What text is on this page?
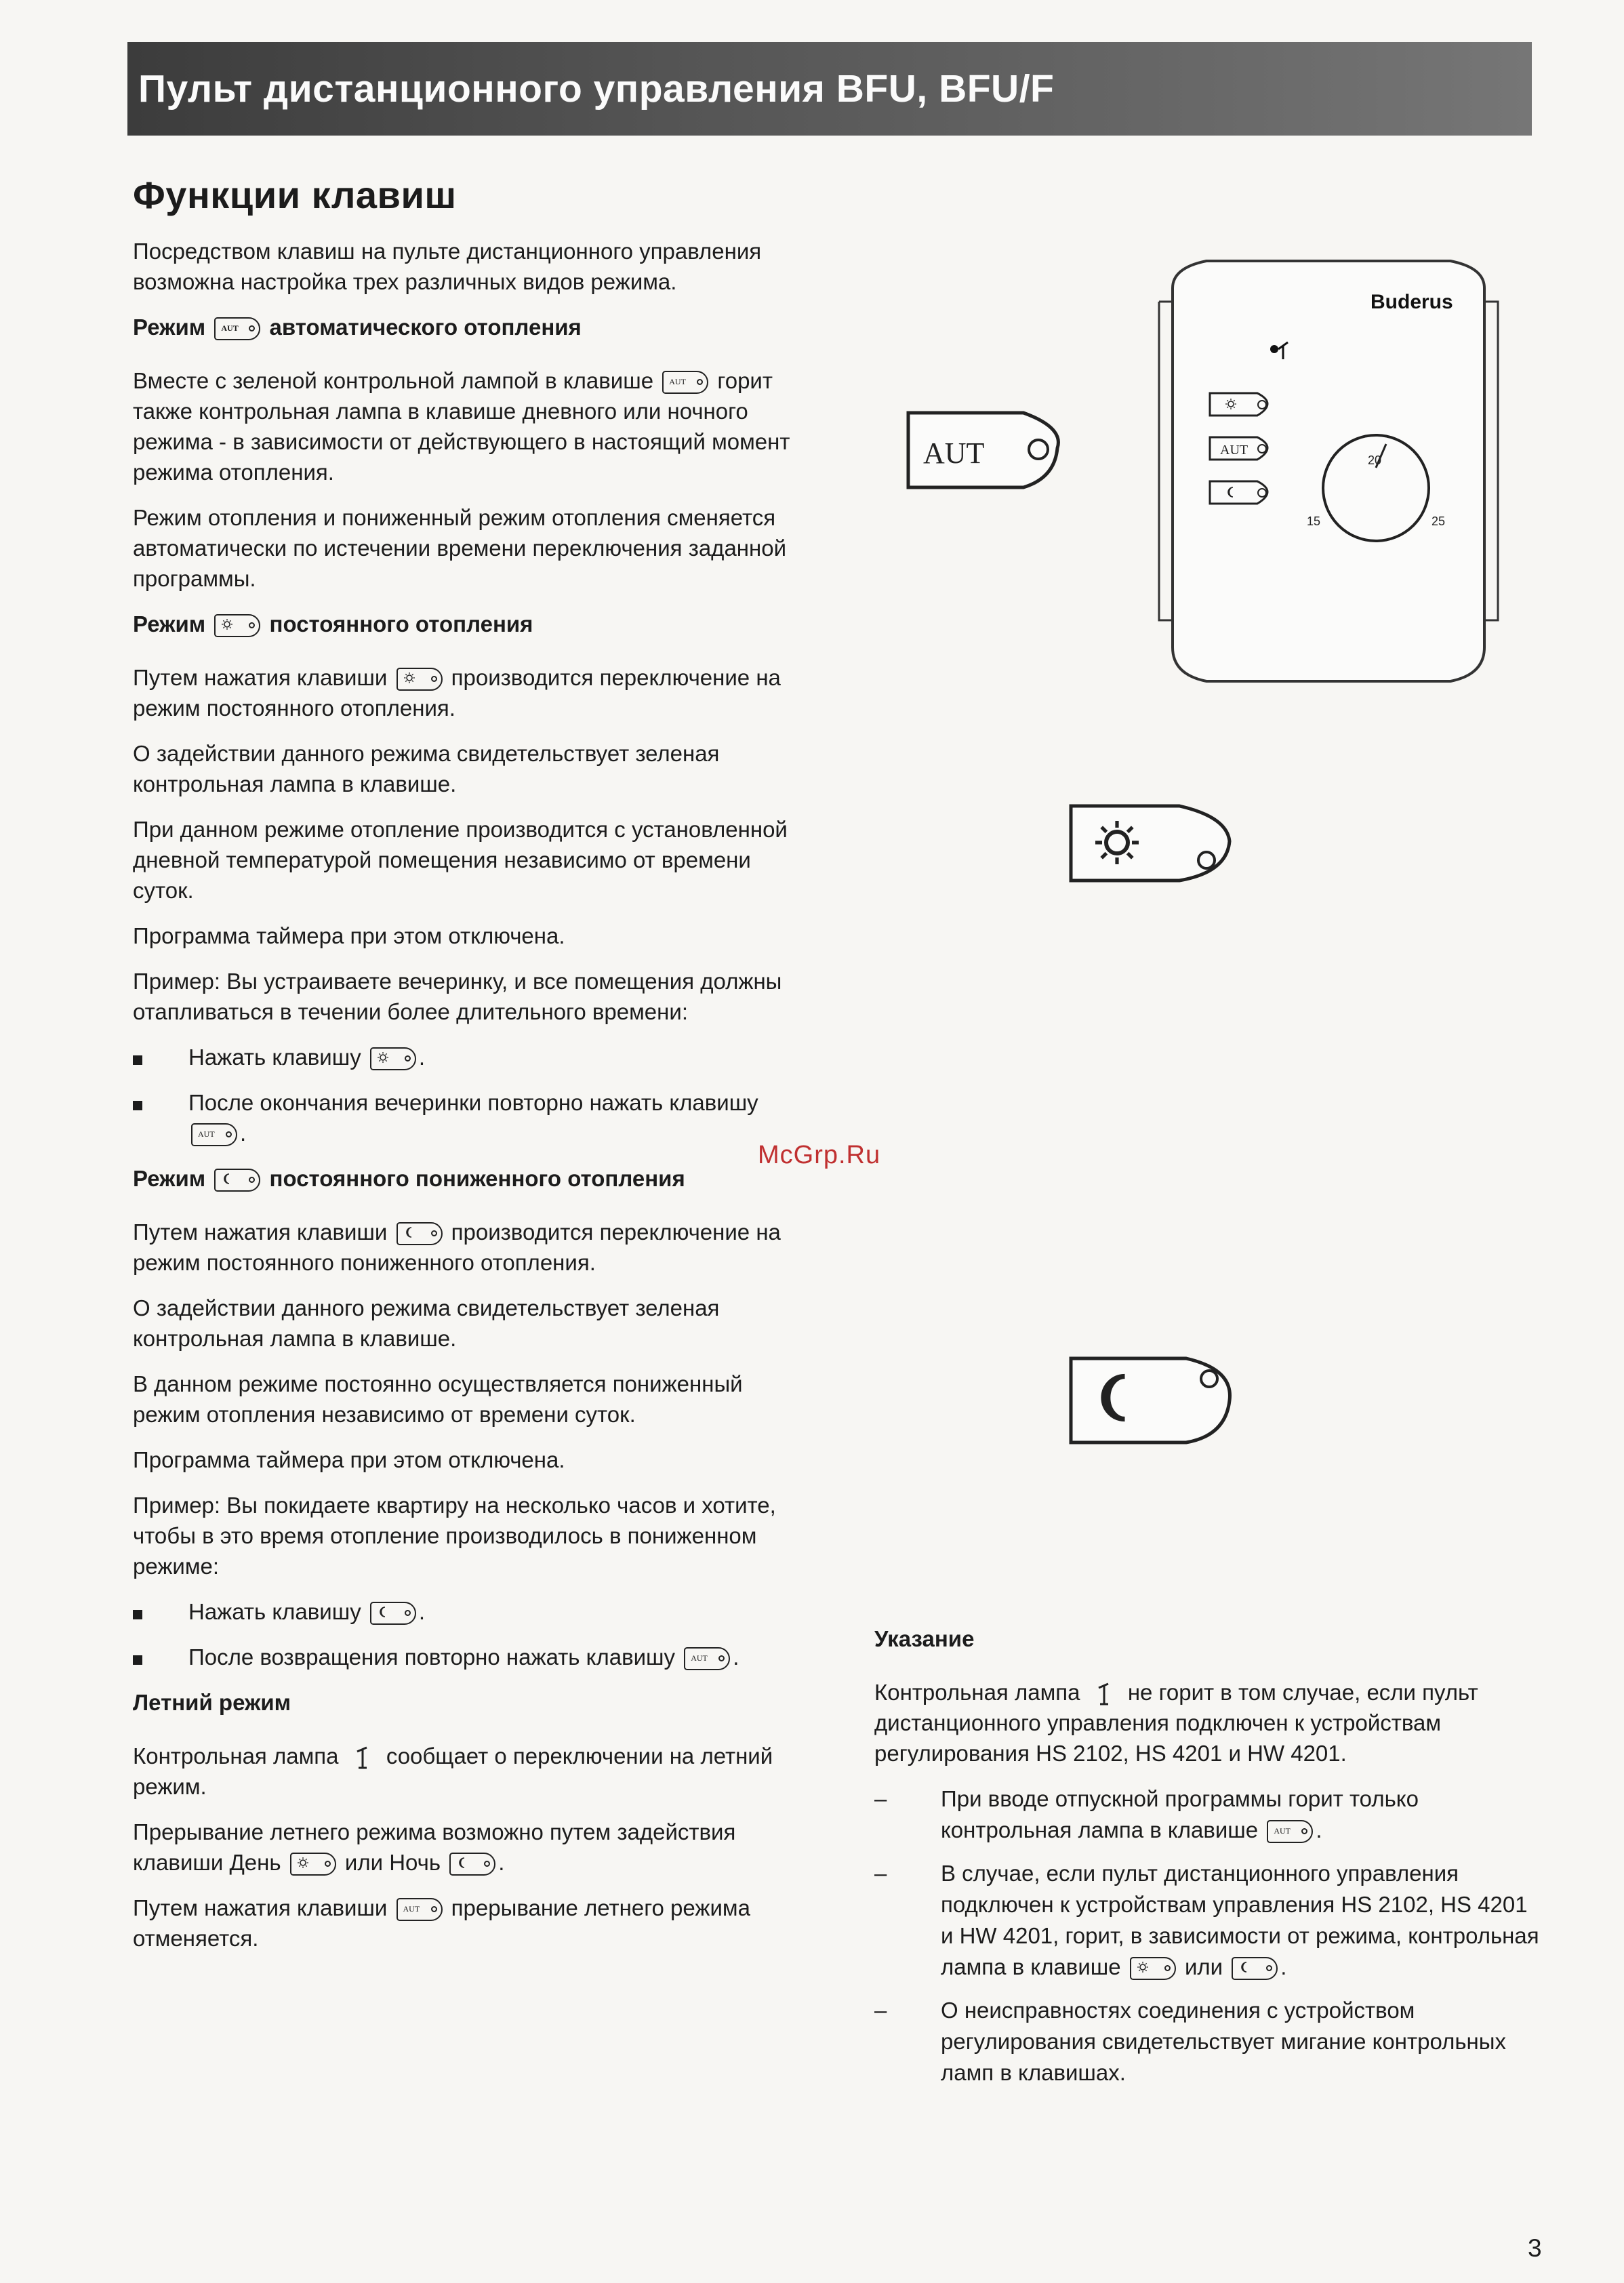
Пульт дистанционного управления BFU, BFU/F
Функции клавиш

Посредством клавиш на пульте дистанционного управления возможна настройка трех различных видов режима.

Режим AUT автоматического отопления

Вместе с зеленой контрольной лампой в клавише AUT горит также контрольная лампа в клавише дневного или ночного режима - в зависимости от действующего в настоящий момент режима отопления.

Режим отопления и пониженный режим отопления сменяется автоматически по истечении времени переключения заданной программы.

Режим	постоянного отопления

Путем нажатия клавиши	производится переключение на режим постоянного отопления.

О задействии данного режима свидетельствует зеленая контрольная лампа в клавише.

При данном режиме отопление производится с установленной дневной температурой помещения независимо от времени суток.

Программа таймера при этом отключена.

Пример: Вы устраиваете вечеринку, и все помещения должны отапливаться в течении более длительного времени:

Нажать клавишу	.
После окончания вечеринки повторно нажать клавишу AUT .
Режим	постоянного пониженного отопления

Путем нажатия клавиши	производится переключение на режим постоянного пониженного отопления.

О задействии данного режима свидетельствует зеленая контрольная лампа в клавише.

В данном режиме постоянно осуществляется пониженный режим отопления независимо от времени суток.

Программа таймера при этом отключена.

Пример: Вы покидаете квартиру на несколько часов и хотите, чтобы в это время отопление производилось в пониженном режиме:

Нажать клавишу	.
После возвращения повторно нажать клавишу AUT .
Летний режим

Контрольная лампа сообщает о переключении на летний режим.

Прерывание летнего режима возможно путем задействия клавиши День	или Ночь	.

Путем нажатия клавиши AUT прерывание летнего режима отменяется.

Buderus
AUT
20
15	25
AUT
McGrp.Ru
Указание

Контрольная лампа не горит в том случае, если пульт дистанционного управления подключен к устройствам регулирования HS 2102, HS 4201 и HW 4201.

–
При вводе отпускной программы горит только контрольная лампа в клавише AUT .
–
В случае, если пульт дистанционного управления подключен к устройствам управления HS 2102, HS 4201 и HW 4201, горит, в зависимости от режима, контрольная лампа в клавише	или	.
–
О неисправностях соединения с устройством регулирования свидетельствует мигание контрольных ламп в клавишах.
3
